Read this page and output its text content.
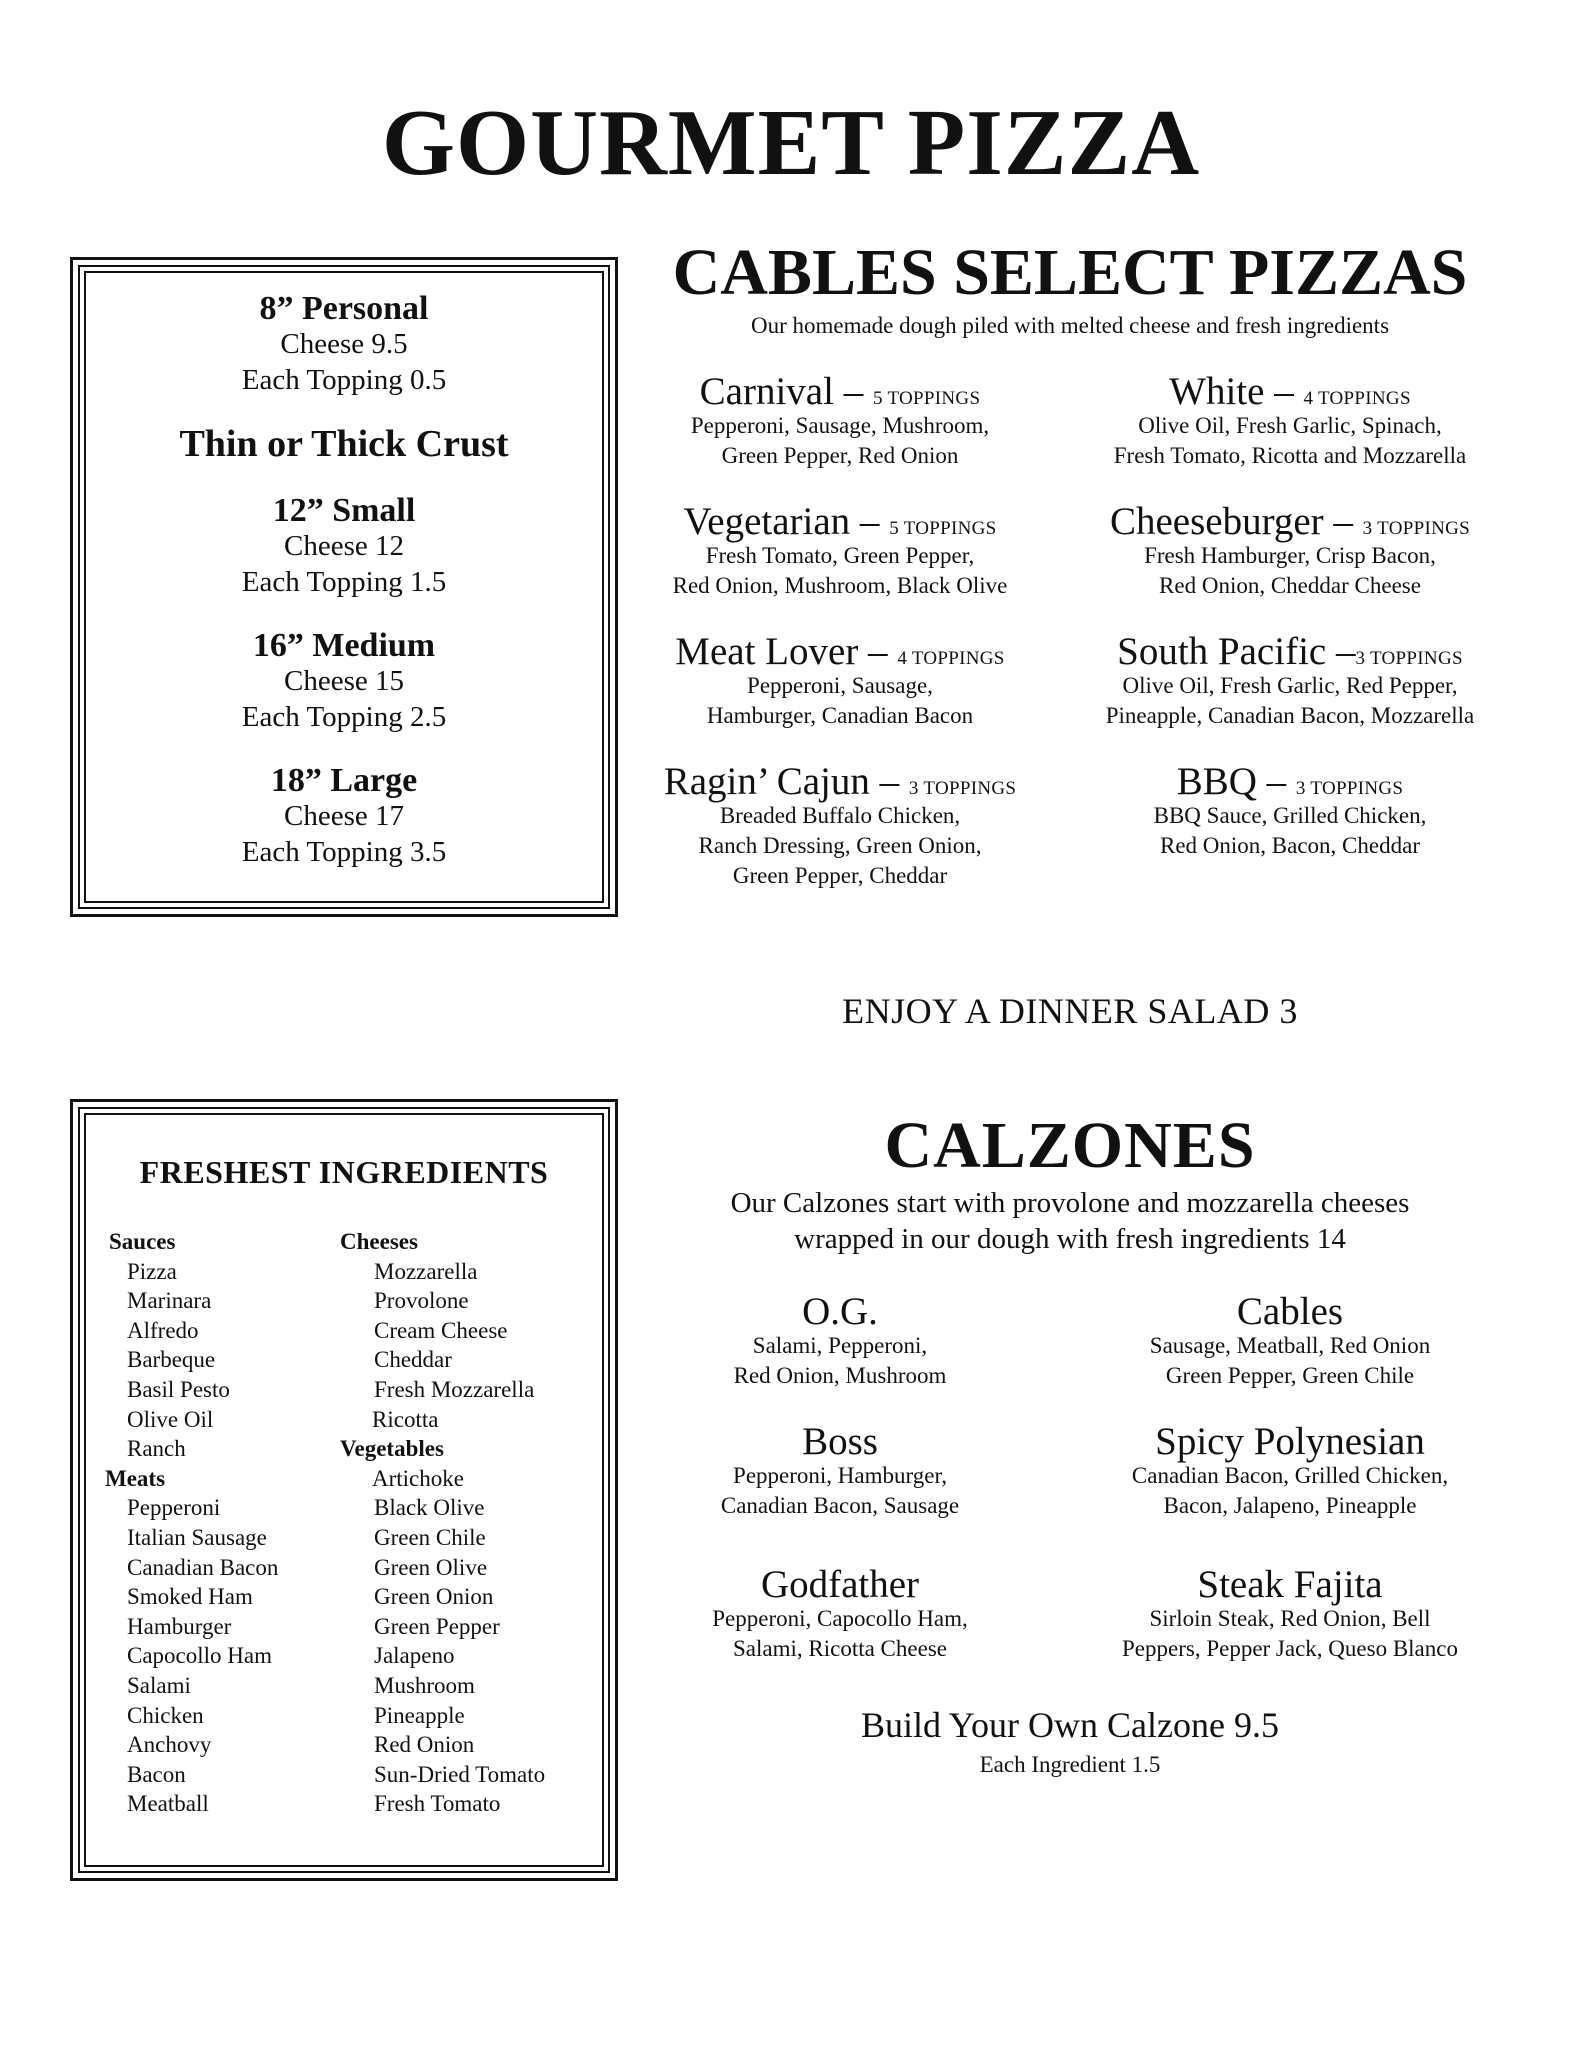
GOURMET PIZZA
8” Personal
Cheese 9.5
Each Topping 0.5
Thin or Thick Crust
12” Small
Cheese 12
Each Topping 1.5
16” Medium
Cheese 15
Each Topping 2.5
18” Large
Cheese 17
Each Topping 3.5
CABLES SELECT PIZZAS
Our homemade dough piled with melted cheese and fresh ingredients
Carnival – 5 TOPPINGS
Pepperoni, Sausage, Mushroom,
Green Pepper, Red Onion
White – 4 TOPPINGS
Olive Oil, Fresh Garlic, Spinach,
Fresh Tomato, Ricotta and Mozzarella
Vegetarian – 5 TOPPINGS
Fresh Tomato, Green Pepper,
Red Onion, Mushroom, Black Olive
Cheeseburger – 3 TOPPINGS
Fresh Hamburger, Crisp Bacon,
Red Onion, Cheddar Cheese
Meat Lover – 4 TOPPINGS
Pepperoni, Sausage,
Hamburger, Canadian Bacon
South Pacific –3 TOPPINGS
Olive Oil, Fresh Garlic, Red Pepper,
Pineapple, Canadian Bacon, Mozzarella
Ragin’ Cajun – 3 TOPPINGS
Breaded Buffalo Chicken,
Ranch Dressing, Green Onion,
Green Pepper, Cheddar
BBQ – 3 TOPPINGS
BBQ Sauce, Grilled Chicken,
Red Onion, Bacon, Cheddar
ENJOY A DINNER SALAD 3
FRESHEST INGREDIENTS
Sauces
Pizza
Marinara
Alfredo
Barbeque
Basil Pesto
Olive Oil
Ranch
Meats
Pepperoni
Italian Sausage
Canadian Bacon
Smoked Ham
Hamburger
Capocollo Ham
Salami
Chicken
Anchovy
Bacon
Meatball
Cheeses
Mozzarella
Provolone
Cream Cheese
Cheddar
Fresh Mozzarella
Ricotta
Vegetables
Artichoke
Black Olive
Green Chile
Green Olive
Green Onion
Green Pepper
Jalapeno
Mushroom
Pineapple
Red Onion
Sun-Dried Tomato
Fresh Tomato
CALZONES
Our Calzones start with provolone and mozzarella cheeses
wrapped in our dough with fresh ingredients 14
O.G.
Salami, Pepperoni,
Red Onion, Mushroom
Cables
Sausage, Meatball, Red Onion
Green Pepper, Green Chile
Boss
Pepperoni, Hamburger,
Canadian Bacon, Sausage
Spicy Polynesian
Canadian Bacon, Grilled Chicken,
Bacon, Jalapeno, Pineapple
Godfather
Pepperoni, Capocollo Ham,
Salami, Ricotta Cheese
Steak Fajita
Sirloin Steak, Red Onion, Bell
Peppers, Pepper Jack, Queso Blanco
Build Your Own Calzone 9.5
Each Ingredient 1.5
